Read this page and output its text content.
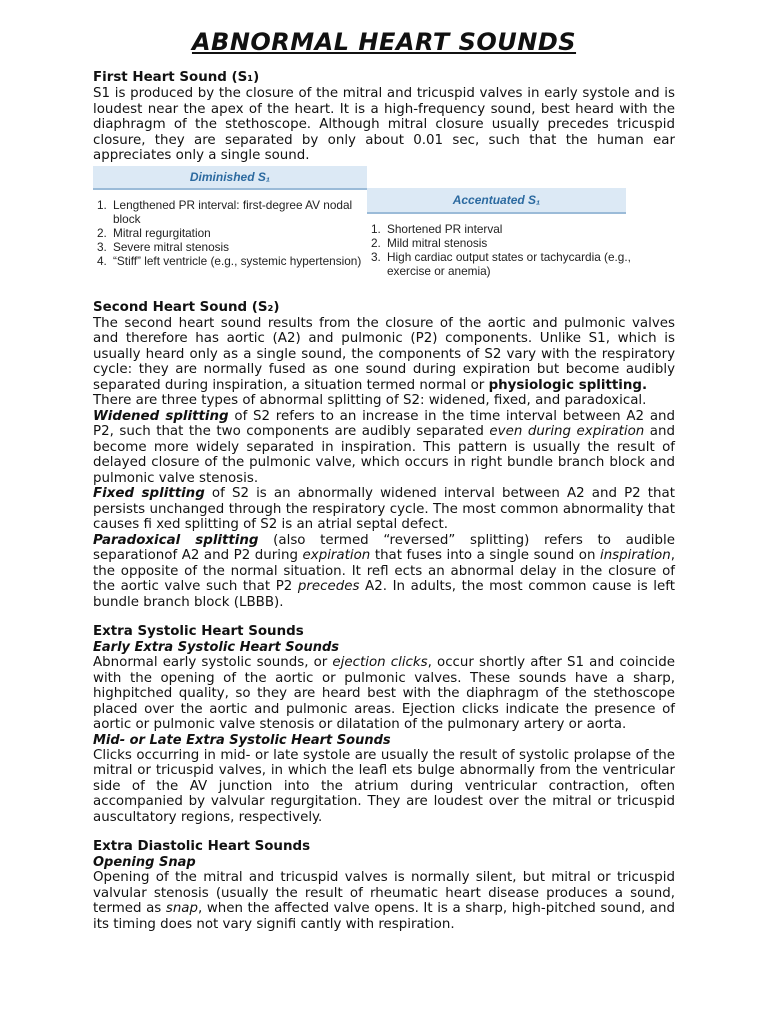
ABNORMAL HEART SOUNDS
First Heart Sound (S₁)

S1 is produced by the closure of the mitral and tricuspid valves in early systole and is loudest near the apex of the heart. It is a high-frequency sound, best heard with the diaphragm of the stethoscope. Although mitral closure usually precedes tricuspid closure, they are separated by only about 0.01 sec, such that the human ear appreciates only a single sound.

Diminished S₁
1. Lengthened PR interval: first-degree AV nodal block
2. Mitral regurgitation
3. Severe mitral stenosis
4. “Stiff” left ventricle (e.g., systemic hypertension)
Accentuated S₁
1. Shortened PR interval
2. Mild mitral stenosis
3. High cardiac output states or tachycardia (e.g., exercise or anemia)
Second Heart Sound (S₂)

The second heart sound results from the closure of the aortic and pulmonic valves and therefore has aortic (A2) and pulmonic (P2) components. Unlike S1, which is usually heard only as a single sound, the components of S2 vary with the respiratory cycle: they are normally fused as one sound during expiration but become audibly separated during inspiration, a situation termed normal or physiologic splitting.

There are three types of abnormal splitting of S2: widened, fixed, and paradoxical.

Widened splitting of S2 refers to an increase in the time interval between A2 and P2, such that the two components are audibly separated even during expiration and become more widely separated in inspiration. This pattern is usually the result of delayed closure of the pulmonic valve, which occurs in right bundle branch block and pulmonic valve stenosis.

Fixed splitting of S2 is an abnormally widened interval between A2 and P2 that persists unchanged through the respiratory cycle. The most common abnormality that causes fi xed splitting of S2 is an atrial septal defect.

Paradoxical splitting (also termed “reversed” splitting) refers to audible separationof A2 and P2 during expiration that fuses into a single sound on inspiration, the opposite of the normal situation. It refl ects an abnormal delay in the closure of the aortic valve such that P2 precedes A2. In adults, the most common cause is left bundle branch block (LBBB).

Extra Systolic Heart Sounds
Early Extra Systolic Heart Sounds

Abnormal early systolic sounds, or ejection clicks, occur shortly after S1 and coincide with the opening of the aortic or pulmonic valves. These sounds have a sharp, highpitched quality, so they are heard best with the diaphragm of the stethoscope placed over the aortic and pulmonic areas. Ejection clicks indicate the presence of aortic or pulmonic valve stenosis or dilatation of the pulmonary artery or aorta.

Mid- or Late Extra Systolic Heart Sounds

Clicks occurring in mid- or late systole are usually the result of systolic prolapse of the mitral or tricuspid valves, in which the leafl ets bulge abnormally from the ventricular side of the AV junction into the atrium during ventricular contraction, often accompanied by valvular regurgitation. They are loudest over the mitral or tricuspid auscultatory regions, respectively.

Extra Diastolic Heart Sounds
Opening Snap

Opening of the mitral and tricuspid valves is normally silent, but mitral or tricuspid valvular stenosis (usually the result of rheumatic heart disease produces a sound, termed as snap, when the affected valve opens. It is a sharp, high-pitched sound, and its timing does not vary signifi cantly with respiration.
